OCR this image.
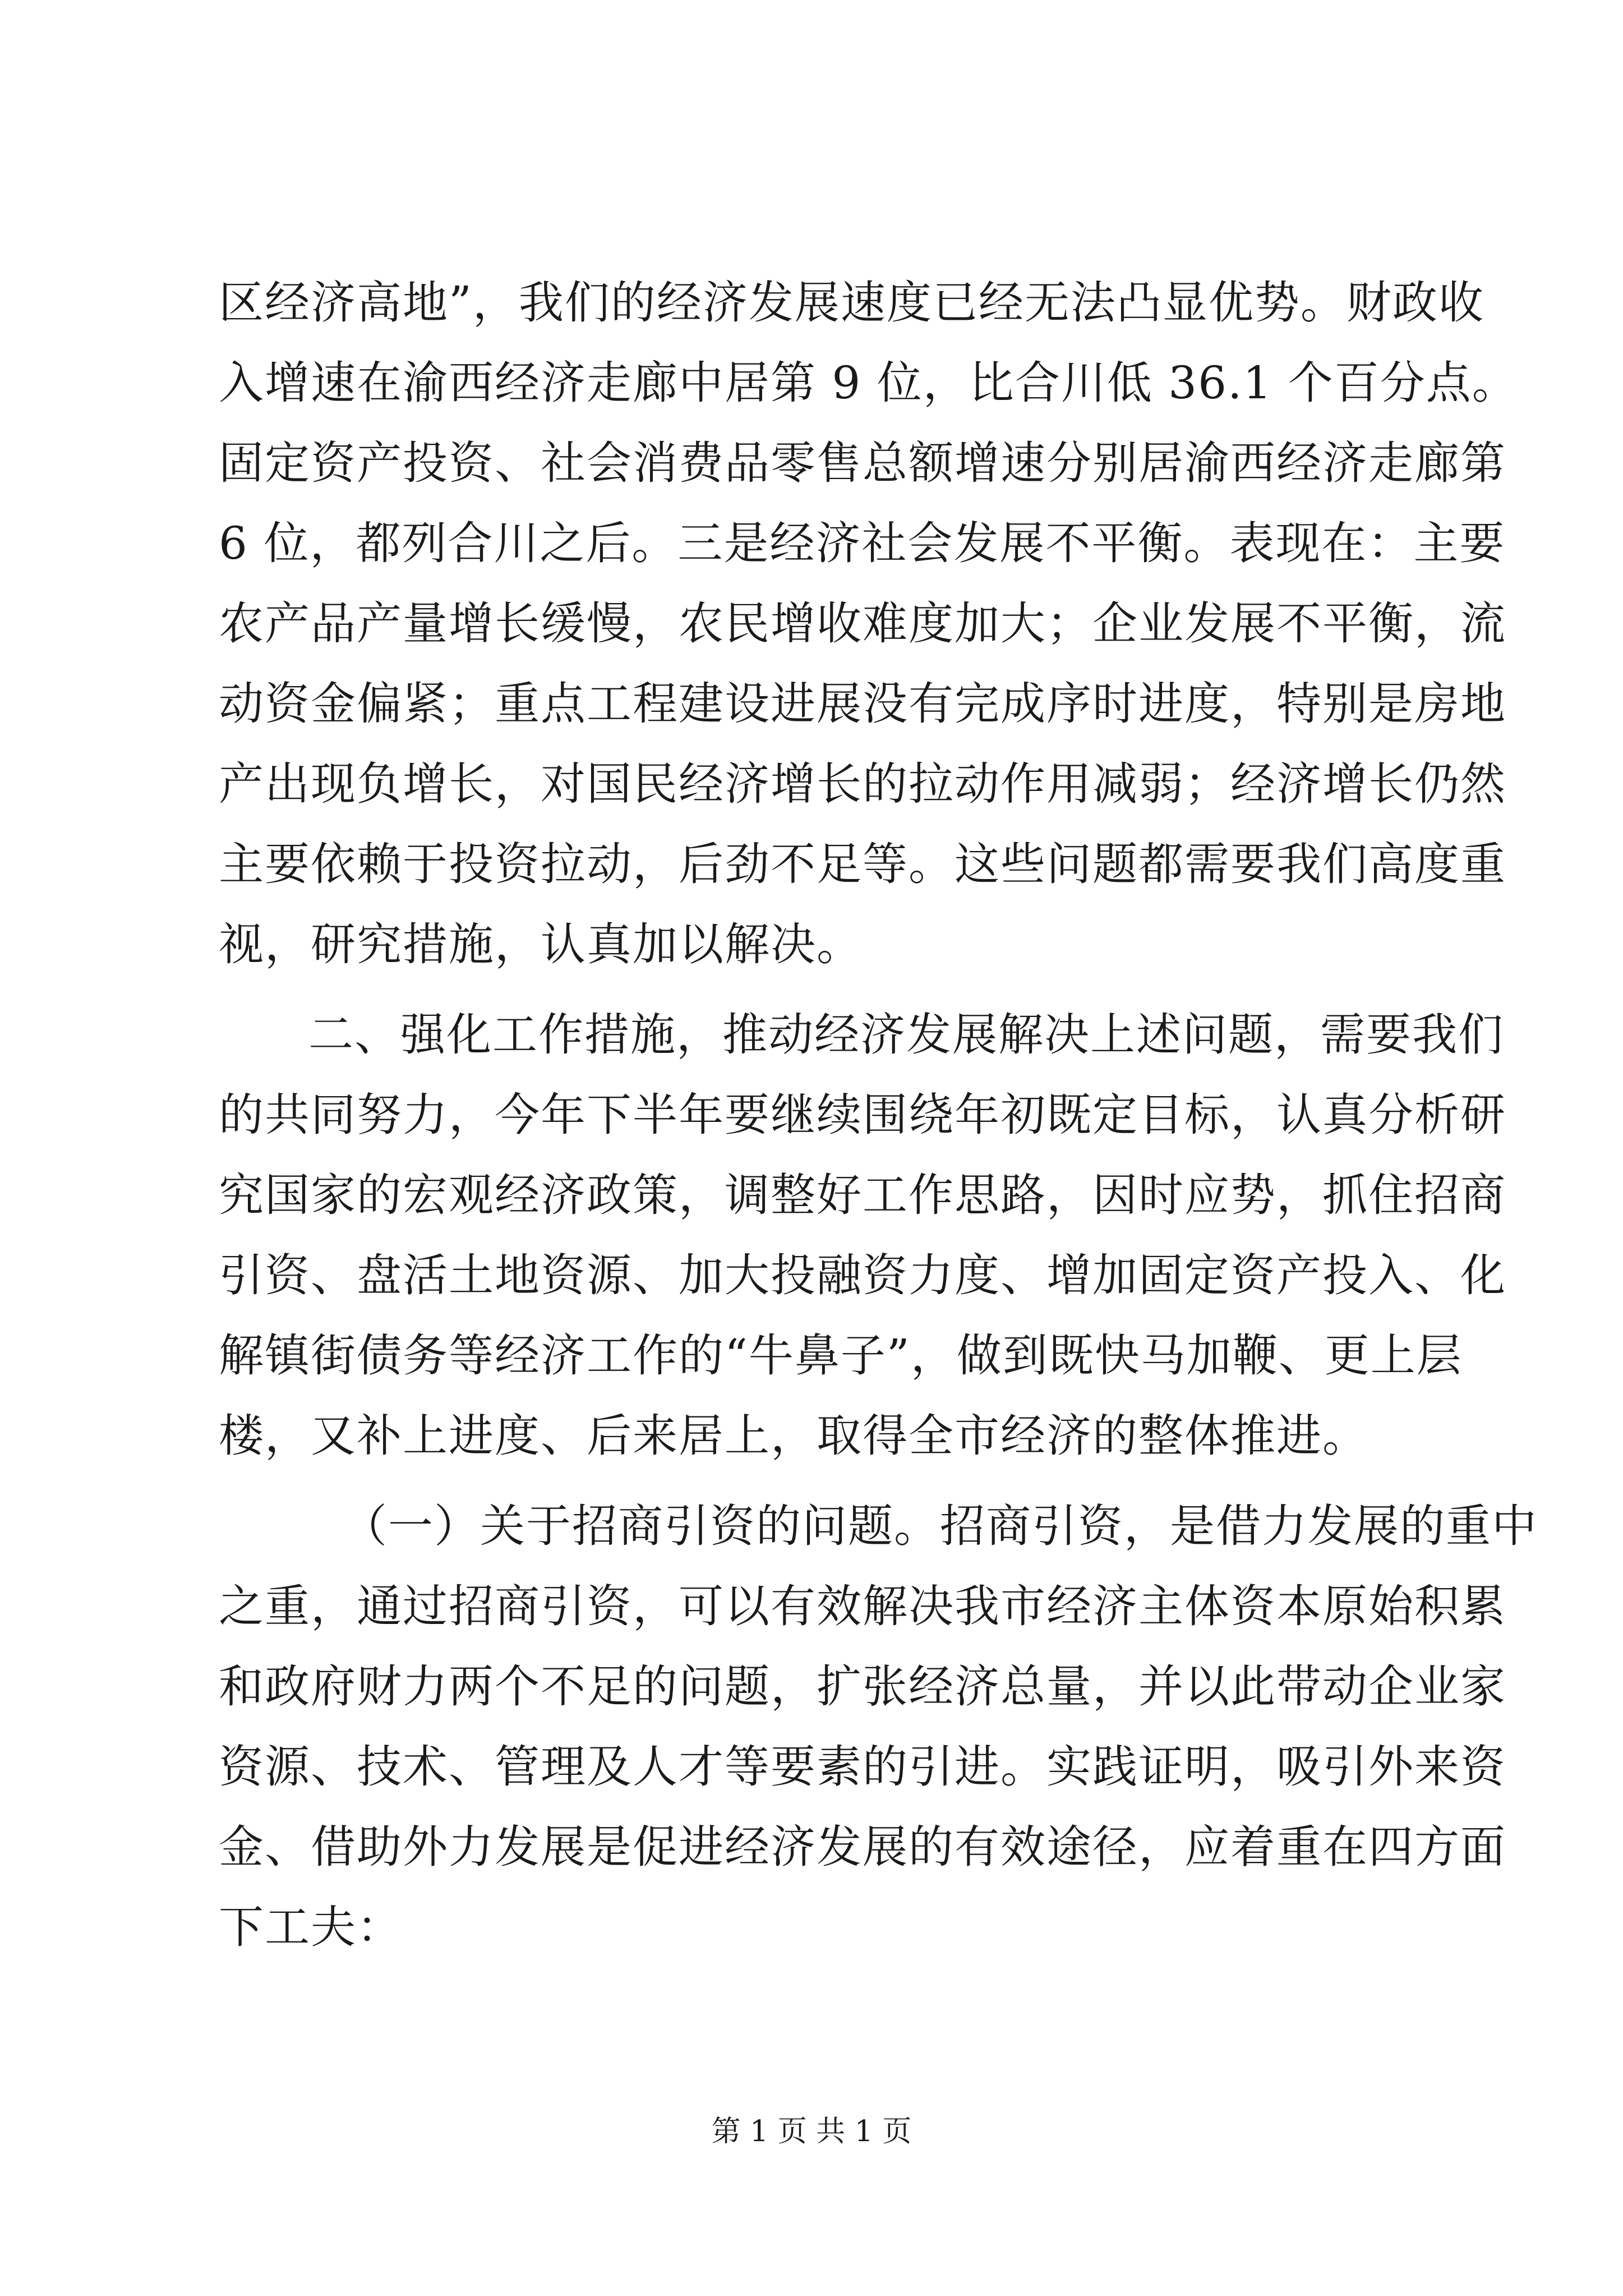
区经济高地”，我们的经济发展速度已经无法凸显优势。财政收
入增速在渝西经济走廊中居第 9 位，比合川低 36.1 个百分点。
固定资产投资、社会消费品零售总额增速分别居渝西经济走廊第
6 位，都列合川之后。三是经济社会发展不平衡。表现在：主要
农产品产量增长缓慢，农民增收难度加大；企业发展不平衡，流
动资金偏紧；重点工程建设进展没有完成序时进度，特别是房地
产出现负增长，对国民经济增长的拉动作用减弱；经济增长仍然
主要依赖于投资拉动，后劲不足等。这些问题都需要我们高度重
视，研究措施，认真加以解决。
二、强化工作措施，推动经济发展解决上述问题，需要我们
的共同努力，今年下半年要继续围绕年初既定目标，认真分析研
究国家的宏观经济政策，调整好工作思路，因时应势，抓住招商
引资、盘活土地资源、加大投融资力度、增加固定资产投入、化
解镇街债务等经济工作的“牛鼻子”，做到既快马加鞭、更上层
楼，又补上进度、后来居上，取得全市经济的整体推进。
（一）关于招商引资的问题。招商引资，是借力发展的重中
之重，通过招商引资，可以有效解决我市经济主体资本原始积累
和政府财力两个不足的问题，扩张经济总量，并以此带动企业家
资源、技术、管理及人才等要素的引进。实践证明，吸引外来资
金、借助外力发展是促进经济发展的有效途径，应着重在四方面
下工夫：
第 1 页 共 1 页
